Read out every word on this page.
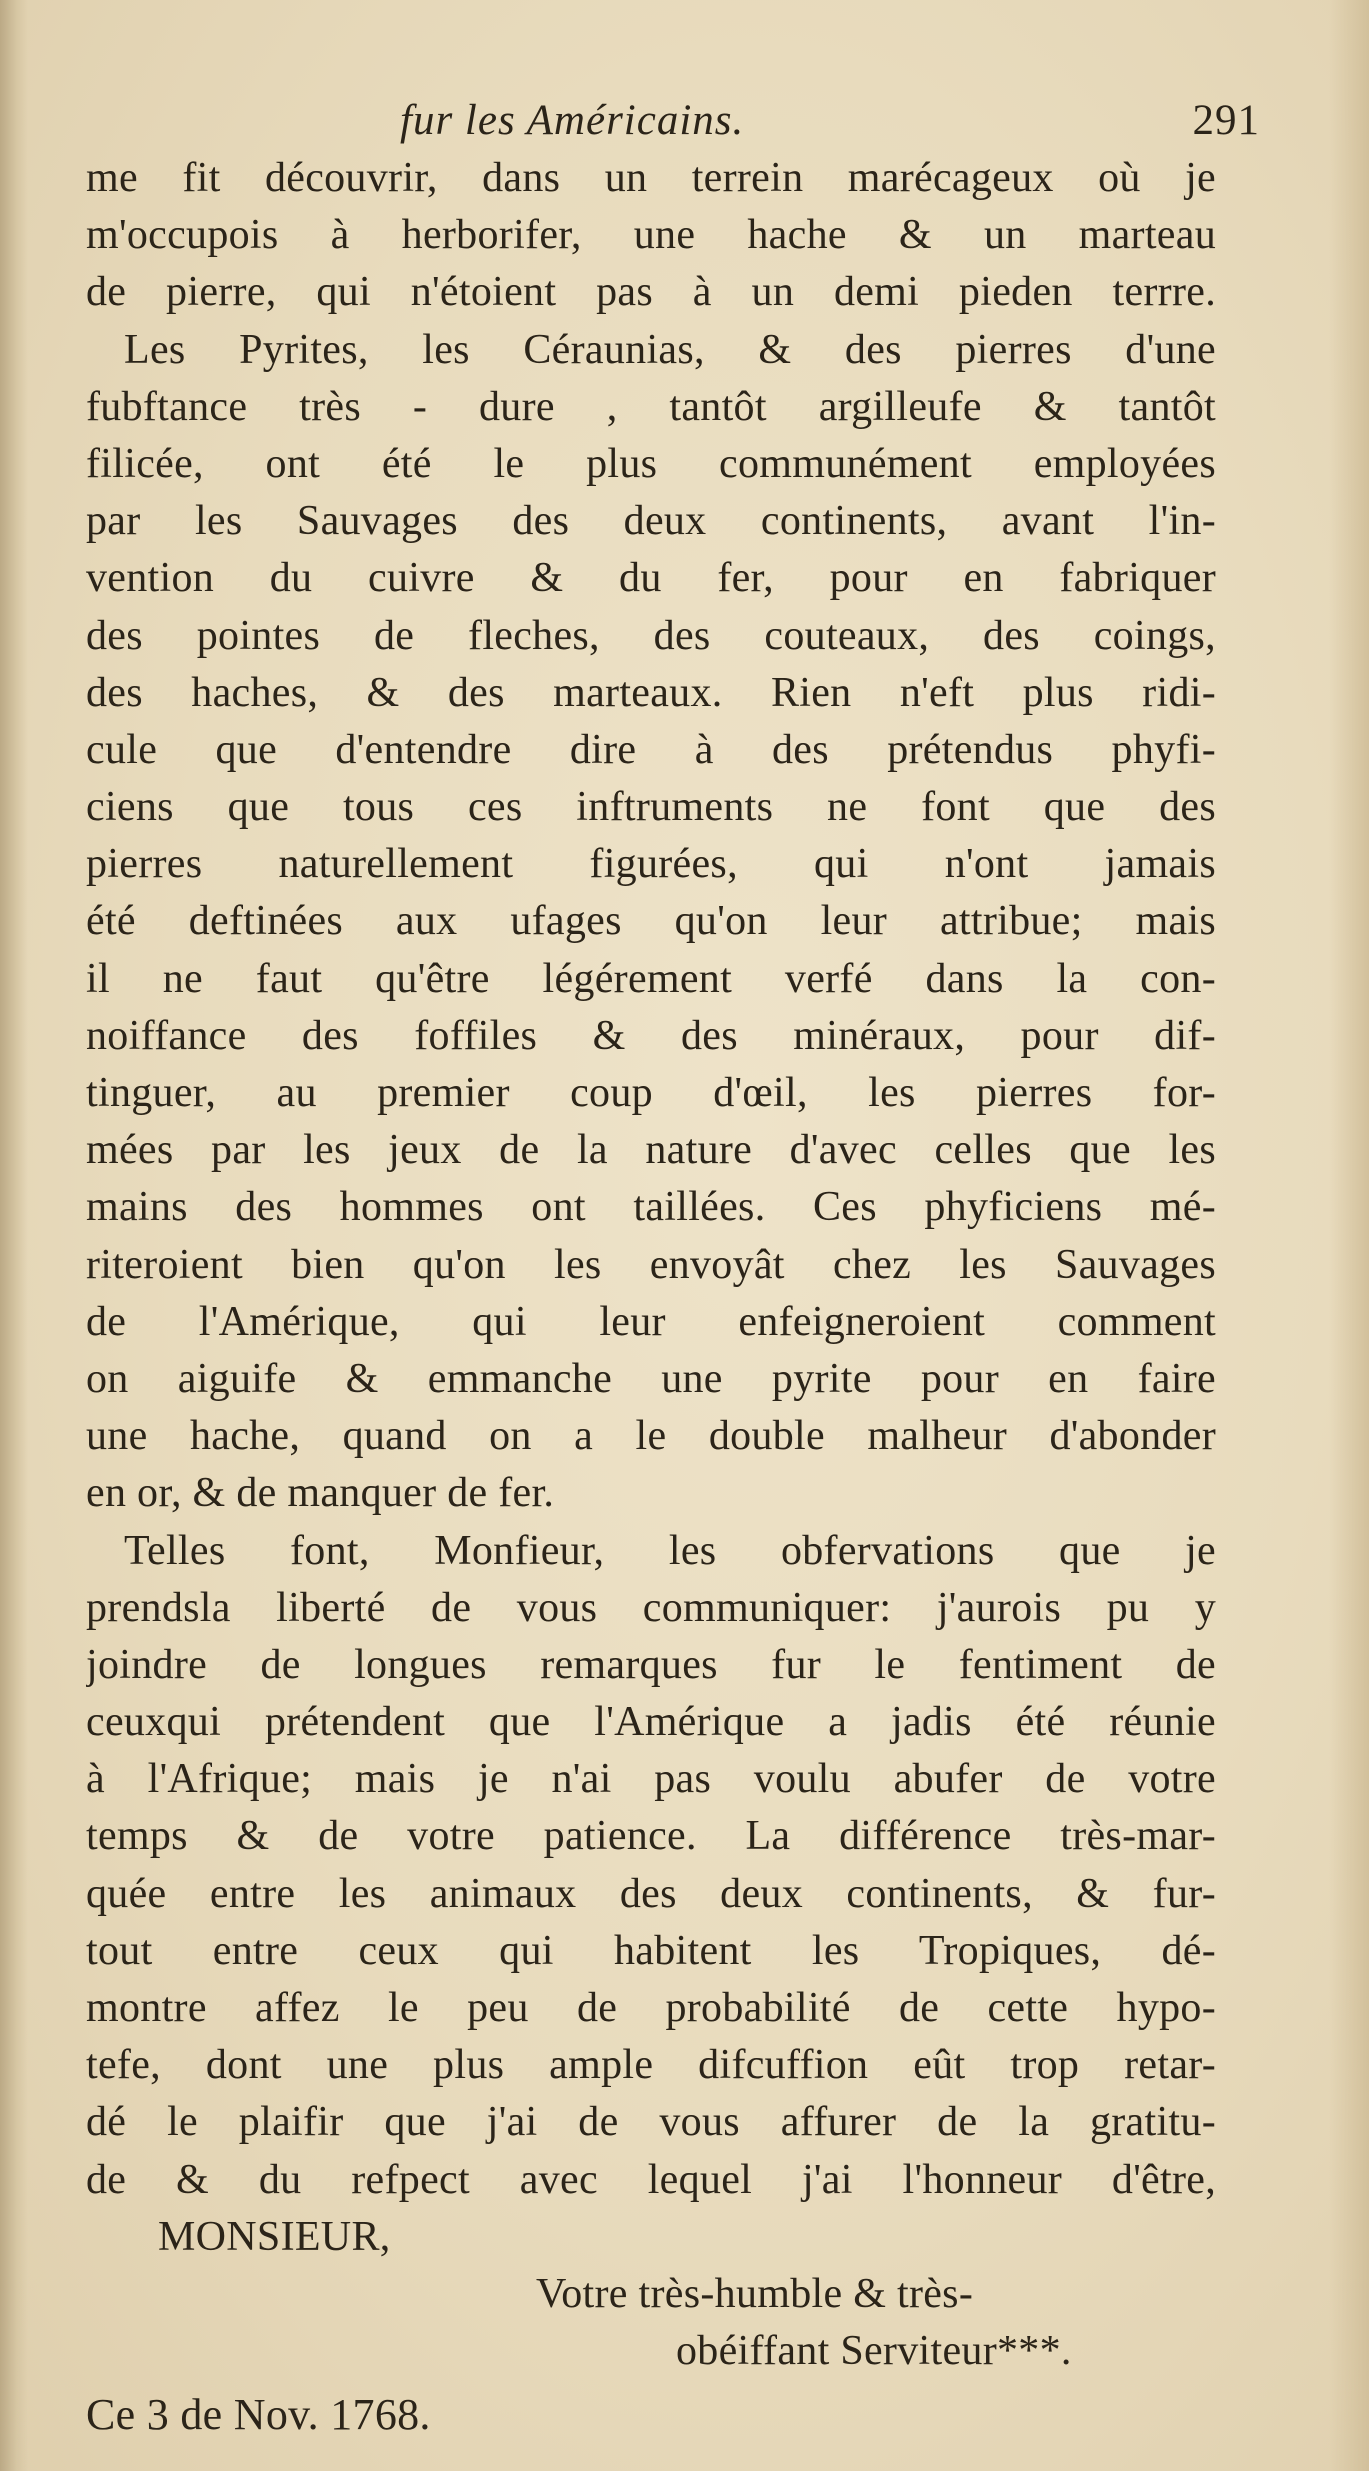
fur les Américains.	291
me fit découvrir, dans un terrein marécageux où je
m'occupois à herborifer, une hache & un marteau
de pierre, qui n'étoient pas à un demi pieden terrre.
Les Pyrites, les Céraunias, & des pierres d'une
fubftance très - dure , tantôt argilleufe & tantôt
filicée, ont été le plus communément employées
par les Sauvages des deux continents, avant l'in-
vention du cuivre & du fer, pour en fabriquer
des pointes de fleches, des couteaux, des coings,
des haches, & des marteaux. Rien n'eft plus ridi-
cule que d'entendre dire à des prétendus phyfi-
ciens que tous ces inftruments ne font que des
pierres naturellement figurées, qui n'ont jamais
été deftinées aux ufages qu'on leur attribue; mais
il ne faut qu'être légérement verfé dans la con-
noiffance des foffiles & des minéraux, pour dif-
tinguer, au premier coup d'œil, les pierres for-
mées par les jeux de la nature d'avec celles que les
mains des hommes ont taillées. Ces phyficiens mé-
riteroient bien qu'on les envoyât chez les Sauvages
de l'Amérique, qui leur enfeigneroient comment
on aiguife & emmanche une pyrite pour en faire
une hache, quand on a le double malheur d'abonder
en or, & de manquer de fer.
Telles font, Monfieur, les obfervations que je
prendsla liberté de vous communiquer: j'aurois pu y
joindre de longues remarques fur le fentiment de
ceuxqui prétendent que l'Amérique a jadis été réunie
à l'Afrique; mais je n'ai pas voulu abufer de votre
temps & de votre patience. La différence très-mar-
quée entre les animaux des deux continents, & fur-
tout entre ceux qui habitent les Tropiques, dé-
montre affez le peu de probabilité de cette hypo-
tefe, dont une plus ample difcuffion eût trop retar-
dé le plaifir que j'ai de vous affurer de la gratitu-
de & du refpect avec lequel j'ai l'honneur d'être,
MONSIEUR,
Votre très-humble & très-
obéiffant Serviteur***.
Ce 3 de Nov. 1768.
